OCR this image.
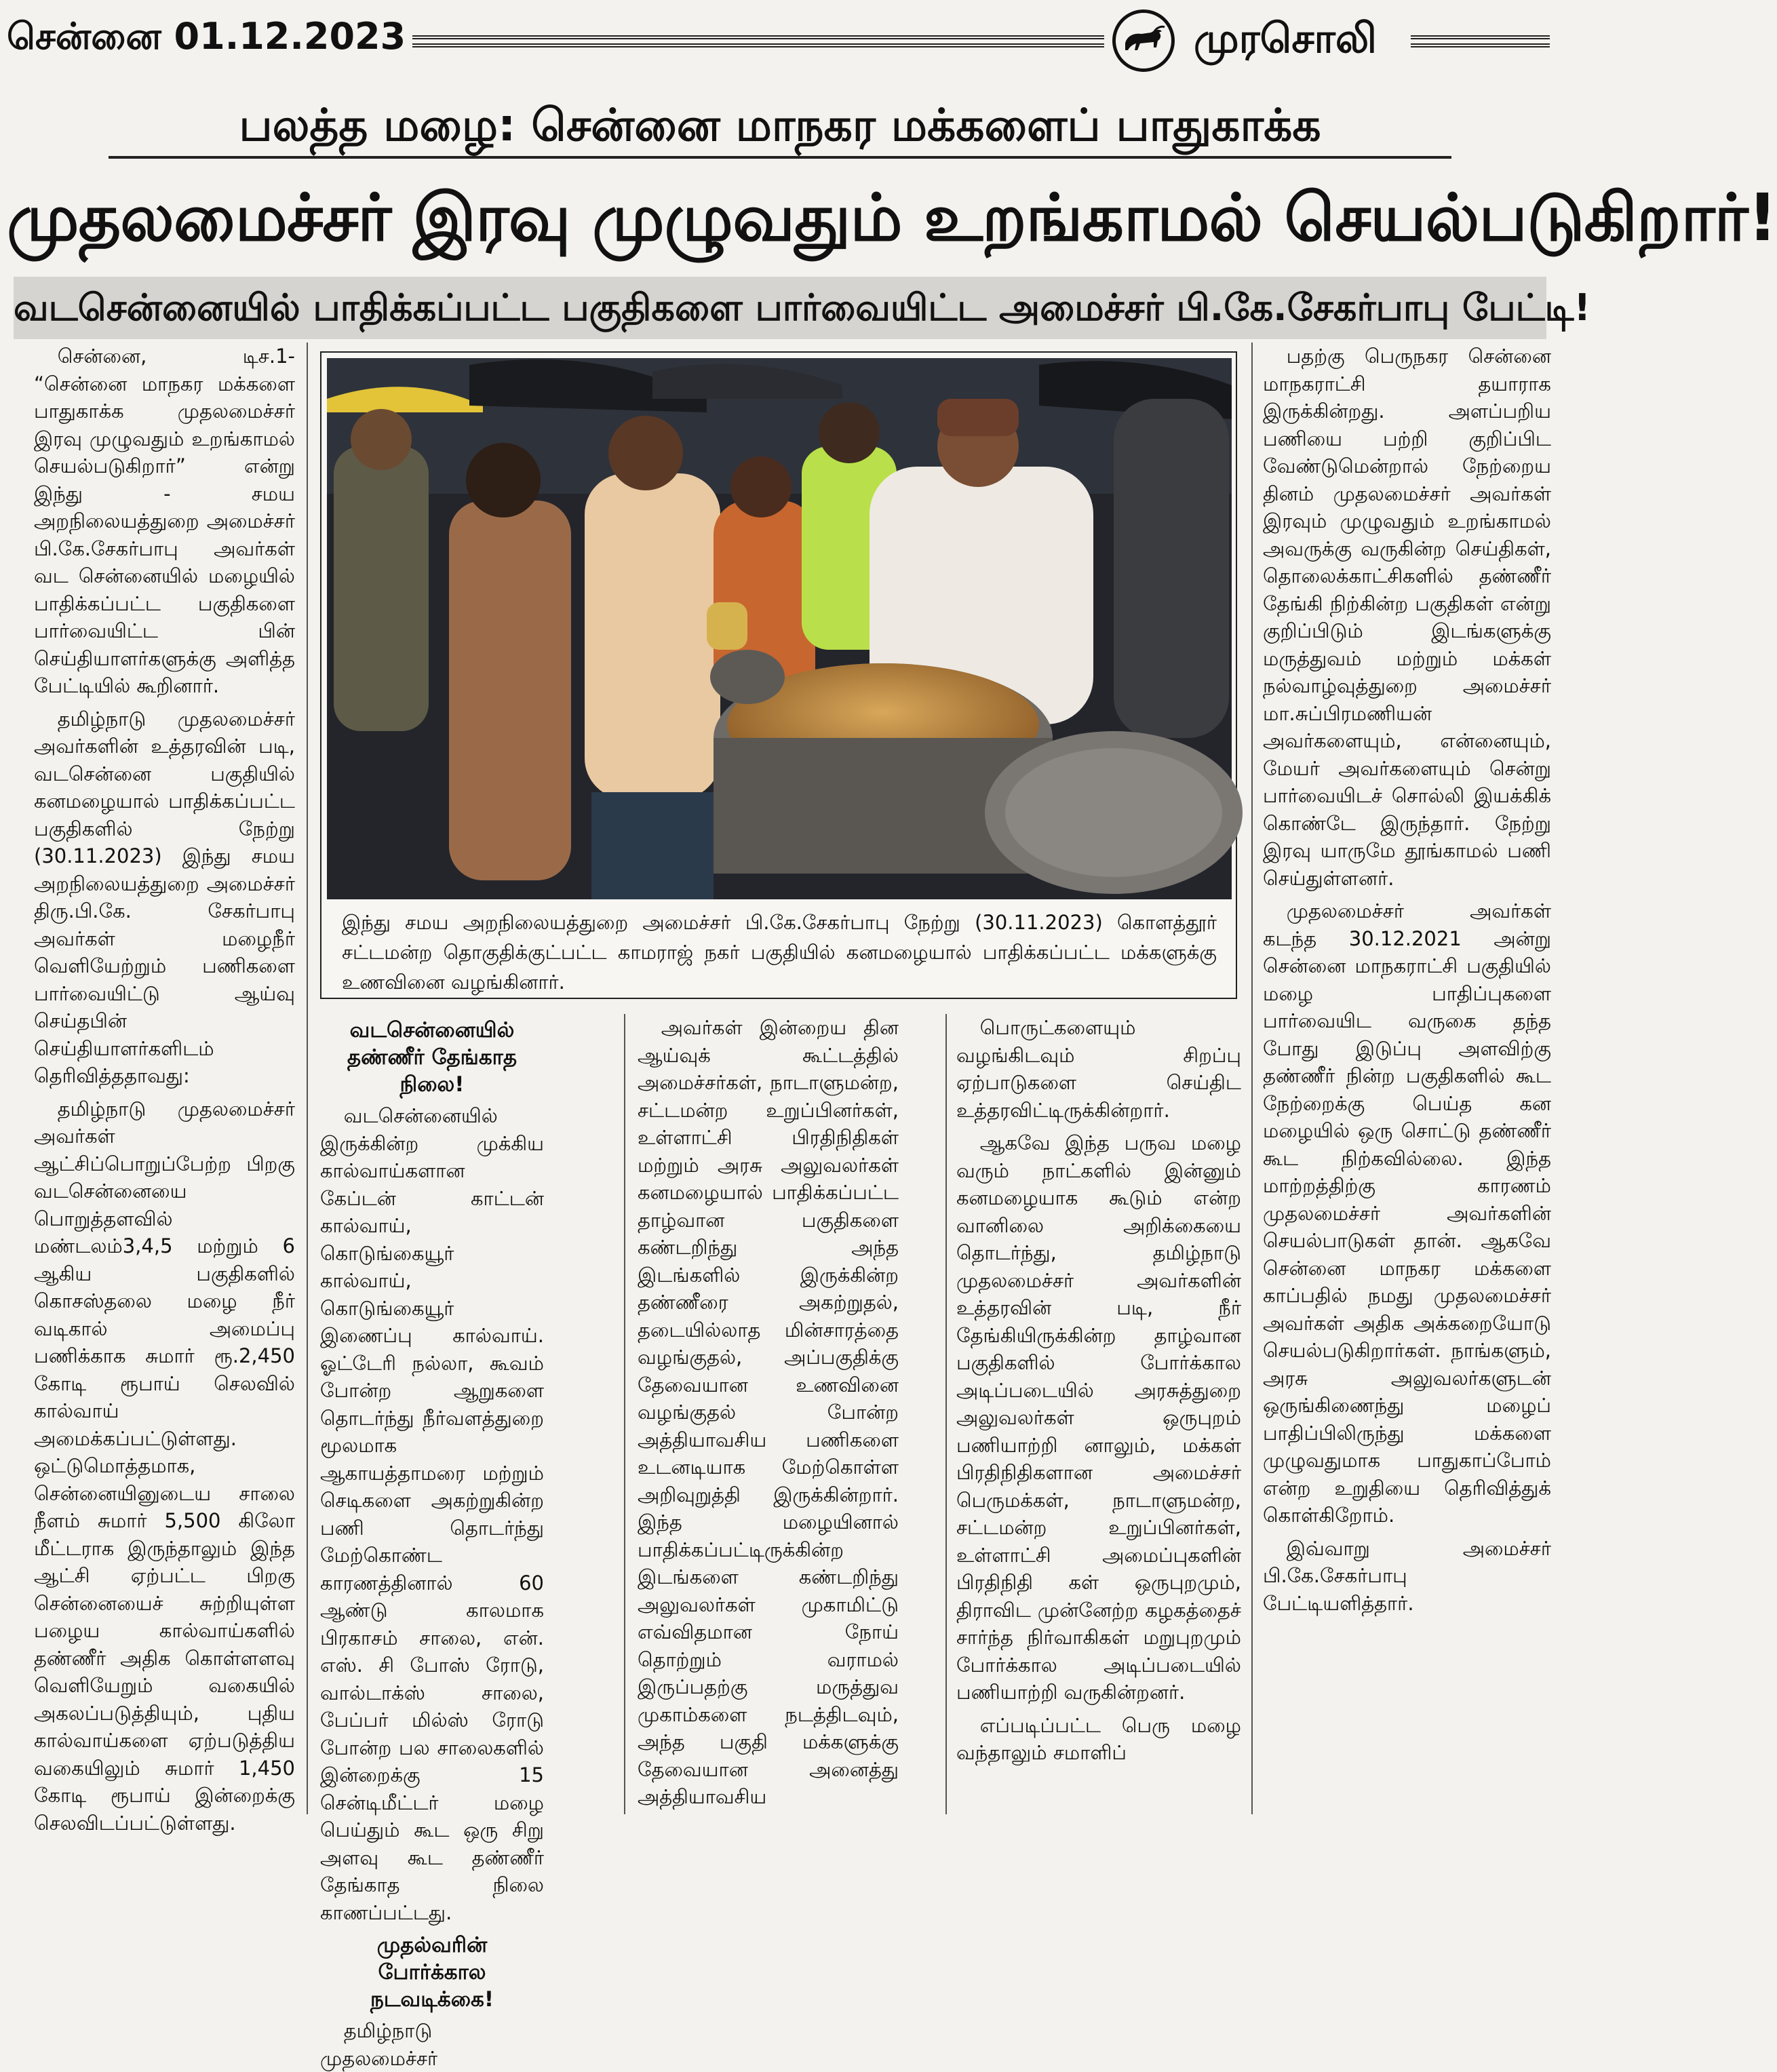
சென்னை 01.12.2023	முரசொலி
பலத்த மழை: சென்னை மாநகர மக்களைப் பாதுகாக்க
முதலமைச்சர் இரவு முழுவதும் உறங்காமல் செயல்படுகிறார்!
வடசென்னையில் பாதிக்கப்பட்ட பகுதிகளை பார்வையிட்ட அமைச்சர் பி.கே.சேகர்பாபு பேட்டி!

சென்னை, டிச.1- “சென்னை மாநகர மக்களை பாதுகாக்க முதலமைச்சர் இரவு முழுவதும் உறங்காமல் செயல்படுகிறார்” என்று இந்து - சமய அறநிலையத்துறை அமைச்சர் பி.கே.சேகர்பாபு அவர்கள் வட சென்னையில் மழையில் பாதிக்கப்பட்ட பகுதிகளை பார்வையிட்ட பின் செய்தியாளர்களுக்கு அளித்த பேட்டியில் கூறினார்.

தமிழ்நாடு முதலமைச்சர் அவர்களின் உத்தரவின் படி, வடசென்னை பகுதியில் கனமழையால் பாதிக்கப்பட்ட பகுதிகளில் நேற்று (30.11.2023) இந்து சமய அறநிலையத்துறை அமைச்சர் திரு.பி.கே. சேகர்பாபு அவர்கள் மழைநீர் வெளியேற்றும் பணிகளை பார்வையிட்டு ஆய்வு செய்தபின் செய்தியாளர்களிடம் தெரிவித்ததாவது:

தமிழ்நாடு முதலமைச்சர் அவர்கள் ஆட்சிப்பொறுப்பேற்ற பிறகு வடசென்னையை பொறுத்தளவில் மண்டலம்3,4,5 மற்றும் 6 ஆகிய பகுதிகளில் கொசஸ்தலை மழை நீர் வடிகால் அமைப்பு பணிக்காக சுமார் ரூ.2,450 கோடி ரூபாய் செலவில் கால்வாய் அமைக்கப்பட்டுள்ளது. ஒட்டுமொத்தமாக, சென்னையினுடைய சாலை நீளம் சுமார் 5,500 கிலோ மீட்டராக இருந்தாலும் இந்த ஆட்சி ஏற்பட்ட பிறகு சென்னையைச் சுற்றியுள்ள பழைய கால்வாய்களில் தண்ணீர் அதிக கொள்ளளவு வெளியேறும் வகையில் அகலப்படுத்தியும், புதிய கால்வாய்களை ஏற்படுத்திய வகையிலும் சுமார் 1,450 கோடி ரூபாய் இன்றைக்கு செலவிடப்பட்டுள்ளது.

இந்து சமய அறநிலையத்துறை அமைச்சர் பி.கே.சேகர்பாபு நேற்று (30.11.2023) கொளத்தூர் சட்டமன்ற தொகுதிக்குட்பட்ட காமராஜ் நகர் பகுதியில் கனமழையால் பாதிக்கப்பட்ட மக்களுக்கு உணவினை வழங்கினார்.
வடசென்னையில் தண்ணீர் தேங்காத நிலை!

வடசென்னையில் இருக்கின்ற முக்கிய கால்வாய்களான கேப்டன் காட்டன் கால்வாய், கொடுங்கையூர் கால்வாய், கொடுங்கையூர் இணைப்பு கால்வாய். ஓட்டேரி நல்லா, கூவம் போன்ற ஆறுகளை தொடர்ந்து நீர்வளத்துறை மூலமாக ஆகாயத்தாமரை மற்றும் செடிகளை அகற்றுகின்ற பணி தொடர்ந்து மேற்கொண்ட காரணத்தினால் 60 ஆண்டு காலமாக பிரகாசம் சாலை, என். எஸ். சி போஸ் ரோடு, வால்டாக்ஸ் சாலை, பேப்பர் மில்ஸ் ரோடு போன்ற பல சாலைகளில் இன்றைக்கு 15 சென்டிமீட்டர் மழை பெய்தும் கூட ஒரு சிறு அளவு கூட தண்ணீர் தேங்காத நிலை காணப்பட்டது.

முதல்வரின் போர்க்கால நடவடிக்கை!

தமிழ்நாடு முதலமைச்சர்

அவர்கள் இன்றைய தின ஆய்வுக் கூட்டத்தில் அமைச்சர்கள், நாடாளுமன்ற, சட்டமன்ற உறுப்பினர்கள், உள்ளாட்சி பிரதிநிதிகள் மற்றும் அரசு அலுவலர்கள் கனமழையால் பாதிக்கப்பட்ட தாழ்வான பகுதிகளை கண்டறிந்து அந்த இடங்களில் இருக்கின்ற தண்ணீரை அகற்றுதல், தடையில்லாத மின்சாரத்தை வழங்குதல், அப்பகுதிக்கு தேவையான உணவினை வழங்குதல் போன்ற அத்தியாவசிய பணிகளை உடனடியாக மேற்கொள்ள அறிவுறுத்தி இருக்கின்றார். இந்த மழையினால் பாதிக்கப்பட்டிருக்கின்ற இடங்களை கண்டறிந்து அலுவலர்கள் முகாமிட்டு எவ்விதமான நோய் தொற்றும் வராமல் இருப்பதற்கு மருத்துவ முகாம்களை நடத்திடவும், அந்த பகுதி மக்களுக்கு தேவையான அனைத்து அத்தியாவசிய

பொருட்களையும் வழங்கிடவும் சிறப்பு ஏற்பாடுகளை செய்திட உத்தரவிட்டிருக்கின்றார்.

ஆகவே இந்த பருவ மழை வரும் நாட்களில் இன்னும் கனமழையாக கூடும் என்ற வானிலை அறிக்கையை தொடர்ந்து, தமிழ்நாடு முதலமைச்சர் அவர்களின் உத்தரவின் படி, நீர் தேங்கியிருக்கின்ற தாழ்வான பகுதிகளில் போர்க்கால அடிப்படையில் அரசுத்துறை அலுவலர்கள் ஒருபுறம் பணியாற்றி னாலும், மக்கள் பிரதிநிதிகளான அமைச்சர் பெருமக்கள், நாடாளுமன்ற, சட்டமன்ற உறுப்பினர்கள், உள்ளாட்சி அமைப்புகளின் பிரதிநிதி கள் ஒருபுறமும், திராவிட முன்னேற்ற கழகத்தைச் சார்ந்த நிர்வாகிகள் மறுபுறமும் போர்க்கால அடிப்படையில் பணியாற்றி வருகின்றனர்.

எப்படிப்பட்ட பெரு மழை வந்தாலும் சமாளிப்

பதற்கு பெருநகர சென்னை மாநகராட்சி தயாராக இருக்கின்றது. அளப்பறிய பணியை பற்றி குறிப்பிட வேண்டுமென்றால் நேற்றைய தினம் முதலமைச்சர் அவர்கள் இரவும் முழுவதும் உறங்காமல் அவருக்கு வருகின்ற செய்திகள், தொலைக்காட்சிகளில் தண்ணீர் தேங்கி நிற்கின்ற பகுதிகள் என்று குறிப்பிடும் இடங்களுக்கு மருத்துவம் மற்றும் மக்கள் நல்வாழ்வுத்துறை அமைச்சர் மா.சுப்பிரமணியன் அவர்களையும், என்னையும், மேயர் அவர்களையும் சென்று பார்வையிடச் சொல்லி இயக்கிக் கொண்டே இருந்தார். நேற்று இரவு யாருமே தூங்காமல் பணி செய்துள்ளனர்.

முதலமைச்சர் அவர்கள் கடந்த 30.12.2021 அன்று சென்னை மாநகராட்சி பகுதியில் மழை பாதிப்புகளை பார்வையிட வருகை தந்த போது இடுப்பு அளவிற்கு தண்ணீர் நின்ற பகுதிகளில் கூட நேற்றைக்கு பெய்த கன மழையில் ஒரு சொட்டு தண்ணீர் கூட நிற்கவில்லை. இந்த மாற்றத்திற்கு காரணம் முதலமைச்சர் அவர்களின் செயல்பாடுகள் தான். ஆகவே சென்னை மாநகர மக்களை காப்பதில் நமது முதலமைச்சர் அவர்கள் அதிக அக்கறையோடு செயல்படுகிறார்கள். நாங்களும், அரசு அலுவலர்களுடன் ஒருங்கிணைந்து மழைப் பாதிப்பிலிருந்து மக்களை முழுவதுமாக பாதுகாப்போம் என்ற உறுதியை தெரிவித்துக் கொள்கிறோம்.

இவ்வாறு அமைச்சர் பி.கே.சேகர்பாபு பேட்டியளித்தார்.
